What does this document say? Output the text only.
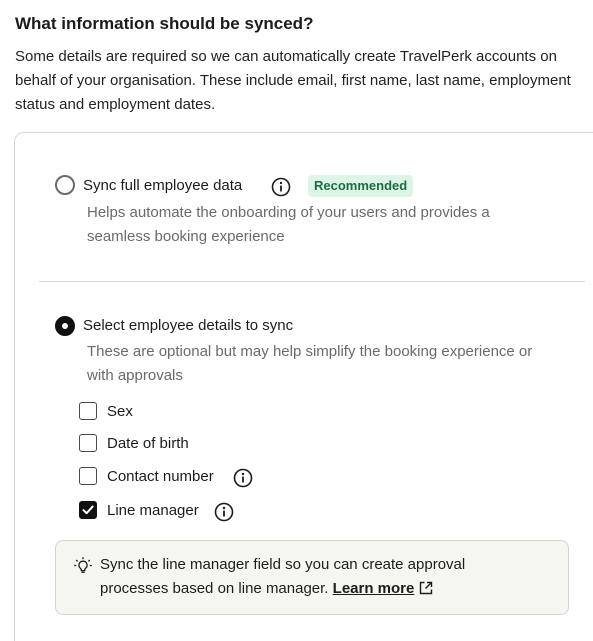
What information should be synced?
Some details are required so we can automatically create TravelPerk accounts on
behalf of your organisation. These include email, first name, last name, employment
status and employment dates.
Sync full employee data	Recommended
Helps automate the onboarding of your users and provides a
seamless booking experience
Select employee details to sync
These are optional but may help simplify the booking experience or
with approvals
Sex
Date of birth
Contact number
Line manager
Sync the line manager field so you can create approval
processes based on line manager. Learn more
